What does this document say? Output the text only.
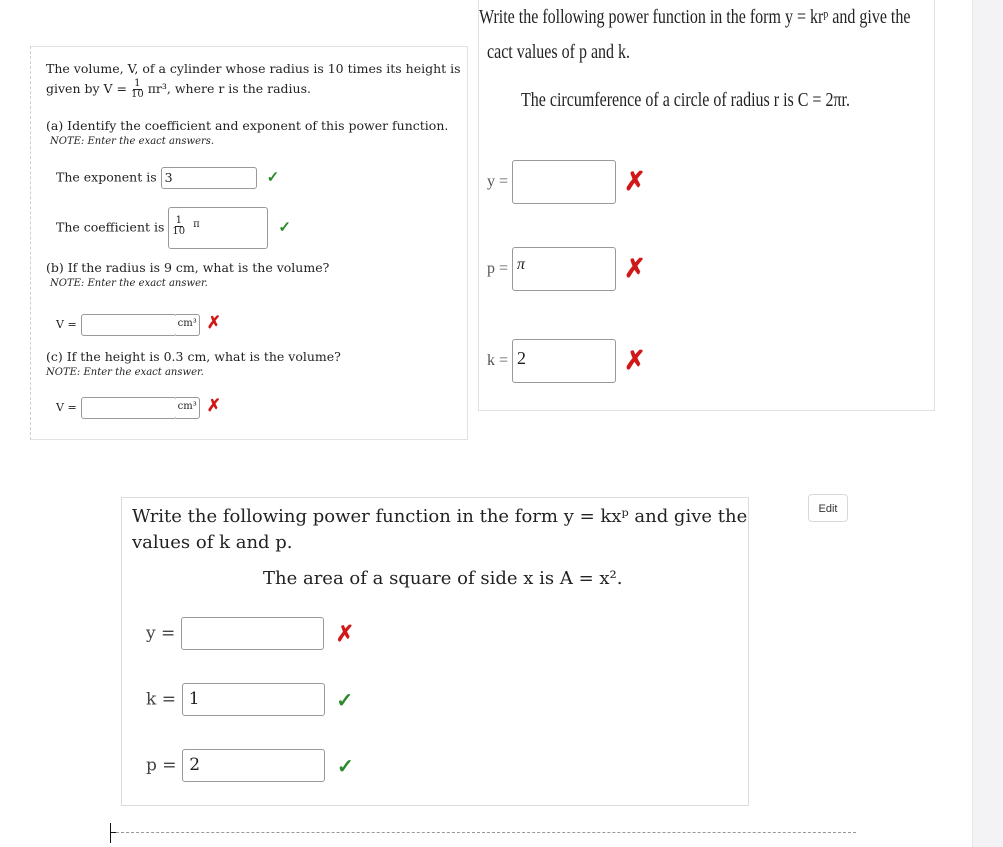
The volume, V, of a cylinder whose radius is 10 times its height is
given by $V = \frac{1}{10} \pi r^3$, where r is the radius.
(a) Identify the coefficient and exponent of this power function.
NOTE: Enter the exact answers.
The exponent is 3	✓
The coefficient is $\frac{1}{10}$ π	✓
(b) If the radius is 9 cm, what is the volume?
NOTE: Enter the exact answer.
V =	cm³ ✗
(c) If the height is 0.3 cm, what is the volume?
NOTE: Enter the exact answer.
V =	cm³ ✗
Write the following power function in the form y = krᵖ and give the
cact values of p and k.
The circumference of a circle of radius r is C = 2πr.
y =	✗
p = π	✗
k = 2	✗
Write the following power function in the form y = kxᵖ and give the
values of k and p.
The area of a square of side x is A = x².
y =	✗
k = 1	✓
p = 2	✓
Edit
